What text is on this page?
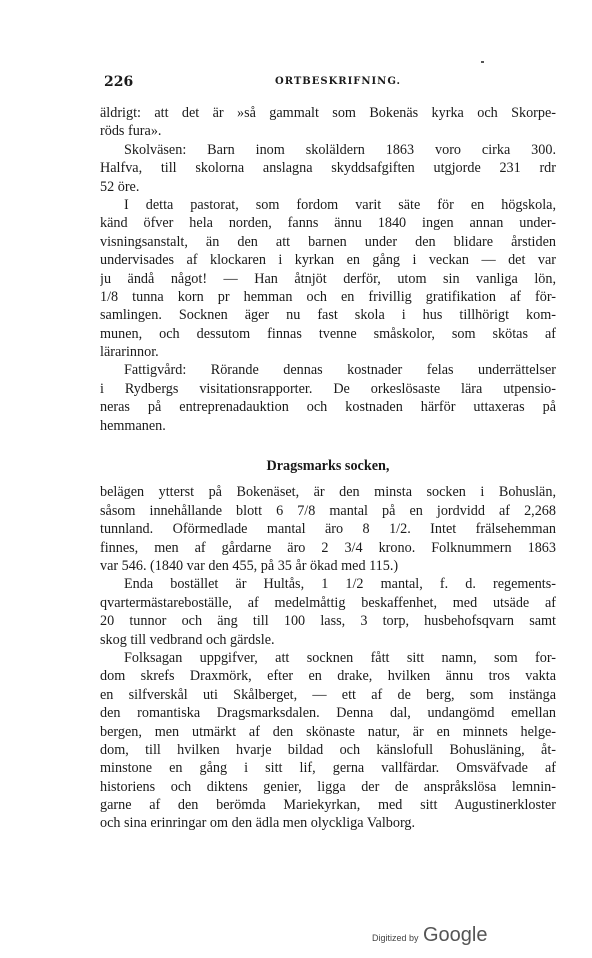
226	ORTBESKRIFNING.
äldrigt: att det är »så gammalt som Bokenäs kyrka och Skorpe-
röds fura».
Skolväsen: Barn inom skoläldern 1863 voro cirka 300.
Halfva, till skolorna anslagna skyddsafgiften utgjorde 231 rdr
52 öre.
I detta pastorat, som fordom varit säte för en högskola,
känd öfver hela norden, fanns ännu 1840 ingen annan under-
visningsanstalt, än den att barnen under den blidare årstiden
undervisades af klockaren i kyrkan en gång i veckan — det var
ju ändå något! — Han åtnjöt derför, utom sin vanliga lön,
1/8 tunna korn pr hemman och en frivillig gratifikation af för-
samlingen. Socknen äger nu fast skola i hus tillhörigt kom-
munen, och dessutom finnas tvenne småskolor, som skötas af
lärarinnor.
Fattigvård: Rörande dennas kostnader felas underrättelser
i Rydbergs visitationsrapporter. De orkeslösaste lära utpensio-
neras på entreprenadauktion och kostnaden härför uttaxeras på
hemmanen.
Dragsmarks socken,
belägen ytterst på Bokenäset, är den minsta socken i Bohuslän,
såsom innehållande blott 6 7/8 mantal på en jordvidd af 2,268
tunnland. Oförmedlade mantal äro 8 1/2. Intet frälsehemman
finnes, men af gårdarne äro 2 3/4 krono. Folknummern 1863
var 546. (1840 var den 455, på 35 år ökad med 115.)
Enda bostället är Hultås, 1 1/2 mantal, f. d. regements-
qvartermästareboställe, af medelmåttig beskaffenhet, med utsäde af
20 tunnor och äng till 100 lass, 3 torp, husbehofsqvarn samt
skog till vedbrand och gärdsle.
Folksagan uppgifver, att socknen fått sitt namn, som for-
dom skrefs Draxmörk, efter en drake, hvilken ännu tros vakta
en silfverskål uti Skålberget, — ett af de berg, som instänga
den romantiska Dragsmarksdalen. Denna dal, undangömd emellan
bergen, men utmärkt af den skönaste natur, är en minnets helge-
dom, till hvilken hvarje bildad och känslofull Bohusläning, åt-
minstone en gång i sitt lif, gerna vallfärdar. Omsväfvade af
historiens och diktens genier, ligga der de anspråkslösa lemnin-
garne af den berömda Mariekyrkan, med sitt Augustinerkloster
och sina erinringar om den ädla men olyckliga Valborg.
Digitized by Google
